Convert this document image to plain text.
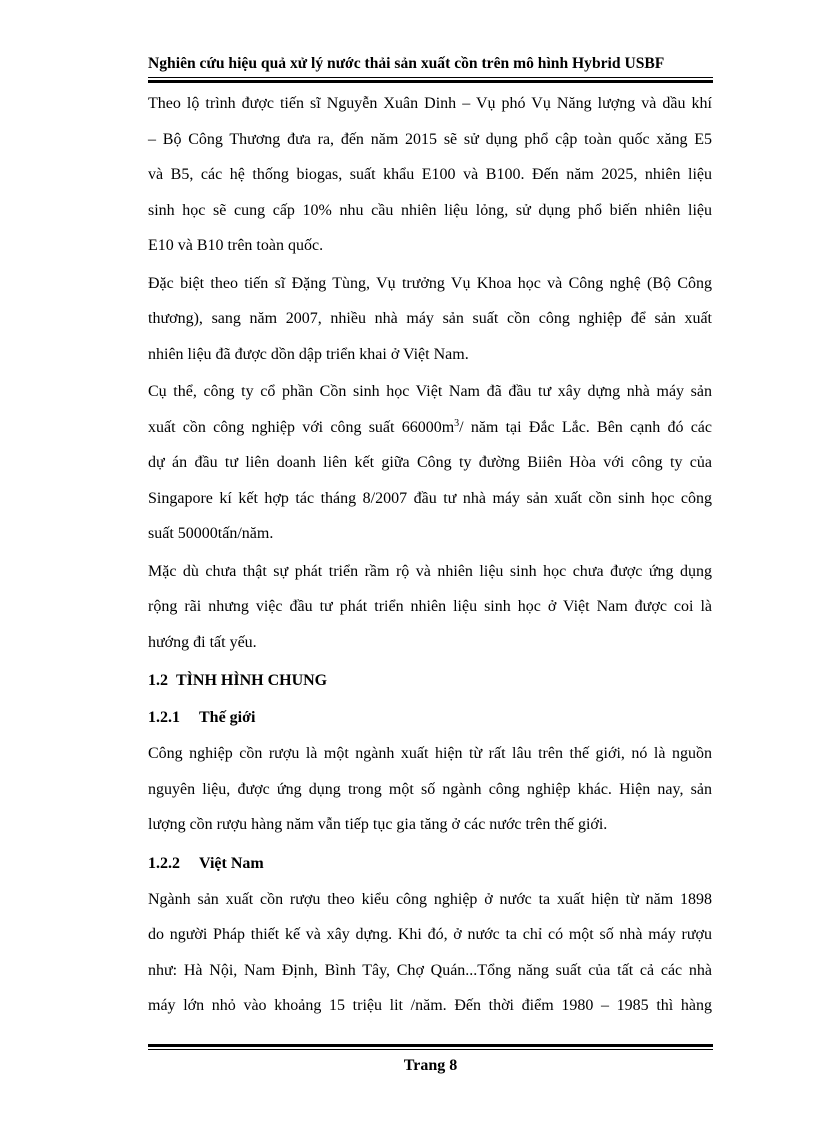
Nghiên cứu hiệu quả xử lý nước thải sản xuất cồn trên mô hình Hybrid USBF
Theo lộ trình được tiến sĩ Nguyễn Xuân Dinh – Vụ phó Vụ Năng lượng và dầu khí
– Bộ Công Thương đưa ra, đến năm 2015 sẽ sử dụng phổ cập toàn quốc xăng E5
và B5, các hệ thống biogas, suất khẩu E100 và B100. Đến năm 2025, nhiên liệu
sinh học sẽ cung cấp 10% nhu cầu nhiên liệu lỏng, sử dụng phổ biến nhiên liệu
E10 và B10 trên toàn quốc.
Đặc biệt theo tiến sĩ Đặng Tùng, Vụ trưởng Vụ Khoa học và Công nghệ (Bộ Công
thương), sang năm 2007, nhiều nhà máy sản suất cồn công nghiệp để sản xuất
nhiên liệu đã được dồn dập triển khai ở Việt Nam.
Cụ thể, công ty cổ phần Cồn sinh học Việt Nam đã đầu tư xây dựng nhà máy sản
xuất cồn công nghiệp với công suất $66000m^3/$ năm tại Đắc Lắc. Bên cạnh đó các
dự án đầu tư liên doanh liên kết giữa Công ty đường Biiên Hòa với công ty của
Singapore kí kết hợp tác tháng 8/2007 đầu tư nhà máy sản xuất cồn sinh học công
suất 50000tấn/năm.
Mặc dù chưa thật sự phát triển rầm rộ và nhiên liệu sinh học chưa được ứng dụng
rộng rãi nhưng việc đầu tư phát triển nhiên liệu sinh học ở Việt Nam được coi là
hướng đi tất yếu.
1.2 TÌNH HÌNH CHUNG
1.2.1 Thế giới
Công nghiệp cồn rượu là một ngành xuất hiện từ rất lâu trên thế giới, nó là nguồn
nguyên liệu, được ứng dụng trong một số ngành công nghiệp khác. Hiện nay, sản
lượng cồn rượu hàng năm vẫn tiếp tục gia tăng ở các nước trên thế giới.
1.2.2 Việt Nam
Ngành sản xuất cồn rượu theo kiểu công nghiệp ở nước ta xuất hiện từ năm 1898
do người Pháp thiết kế và xây dựng. Khi đó, ở nước ta chỉ có một số nhà máy rượu
như: Hà Nội, Nam Định, Bình Tây, Chợ Quán...Tổng năng suất của tất cả các nhà
máy lớn nhỏ vào khoảng 15 triệu lit /năm. Đến thời điểm 1980 – 1985 thì hàng
Trang 8
